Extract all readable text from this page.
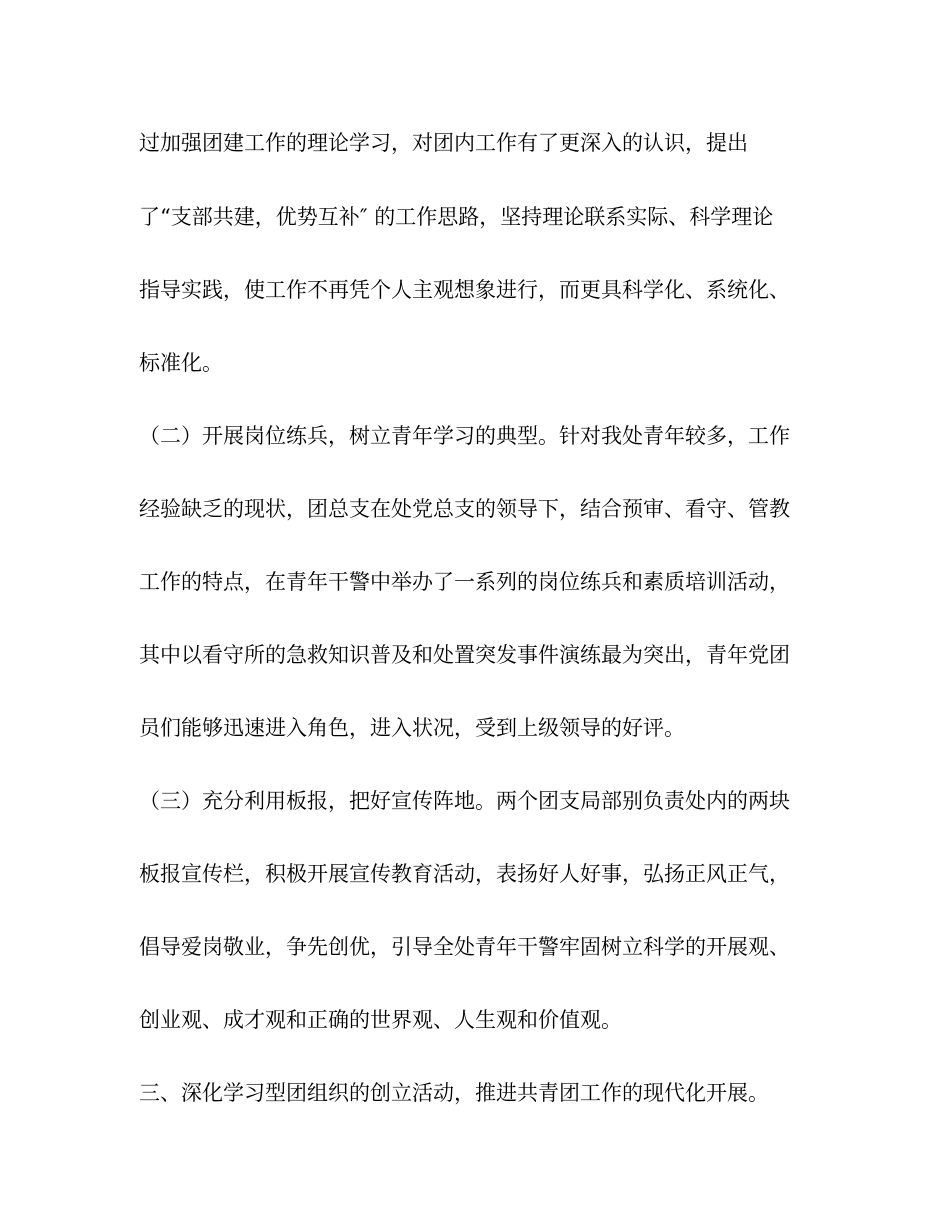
过加强团建工作的理论学习，对团内工作有了更深入的认识，提出

了“支部共建，优势互补″ 的工作思路，坚持理论联系实际、科学理论

指导实践，使工作不再凭个人主观想象进行，而更具科学化、系统化、

标准化。

（二）开展岗位练兵，树立青年学习的典型。针对我处青年较多，工作

经验缺乏的现状，团总支在处党总支的领导下，结合预审、看守、管教

工作的特点，在青年干警中举办了一系列的岗位练兵和素质培训活动，

其中以看守所的急救知识普及和处置突发事件演练最为突出，青年党团

员们能够迅速进入角色，进入状况，受到上级领导的好评。

（三）充分利用板报，把好宣传阵地。两个团支局部别负责处内的两块

板报宣传栏，积极开展宣传教育活动，表扬好人好事，弘扬正风正气，

倡导爱岗敬业，争先创优，引导全处青年干警牢固树立科学的开展观、

创业观、成才观和正确的世界观、人生观和价值观。

三、深化学习型团组织的创立活动，推进共青团工作的现代化开展。
